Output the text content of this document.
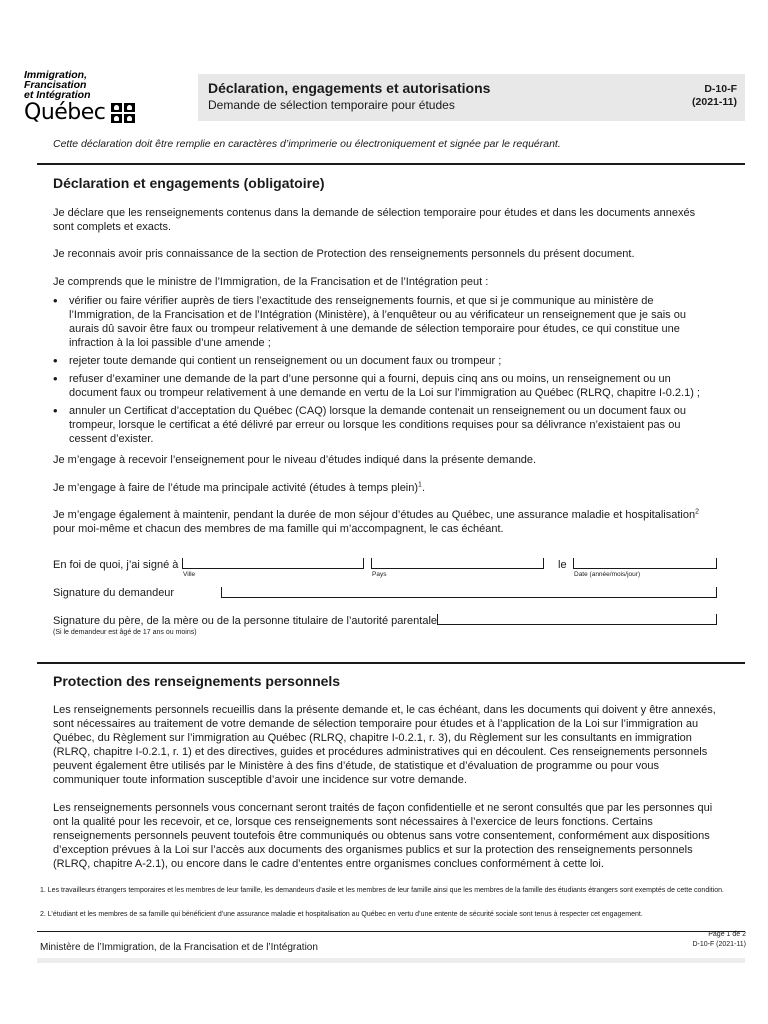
Immigration,
Francisation
et Intégration
Québec
Déclaration, engagements et autorisations
Demande de sélection temporaire pour études
D-10-F
(2021-11)
Cette déclaration doit être remplie en caractères d’imprimerie ou électroniquement et signée par le requérant.
Déclaration et engagements (obligatoire)

Je déclare que les renseignements contenus dans la demande de sélection temporaire pour études et dans les documents annexés sont complets et exacts.

Je reconnais avoir pris connaissance de la section de Protection des renseignements personnels du présent document.

Je comprends que le ministre de l’Immigration, de la Francisation et de l’Intégration peut :

• vérifier ou faire vérifier auprès de tiers l’exactitude des renseignements fournis, et que si je communique au ministère de l’Immigration, de la Francisation et de l’Intégration (Ministère), à l’enquêteur ou au vérificateur un renseignement que je sais ou aurais dû savoir être faux ou trompeur relativement à une demande de sélection temporaire pour études, ce qui constitue une infraction à la loi passible d’une amende ;
• rejeter toute demande qui contient un renseignement ou un document faux ou trompeur ;
• refuser d’examiner une demande de la part d’une personne qui a fourni, depuis cinq ans ou moins, un renseignement ou un document faux ou trompeur relativement à une demande en vertu de la Loi sur l’immigration au Québec (RLRQ, chapitre I-0.2.1) ;
• annuler un Certificat d’acceptation du Québec (CAQ) lorsque la demande contenait un renseignement ou un document faux ou trompeur, lorsque le certificat a été délivré par erreur ou lorsque les conditions requises pour sa délivrance n’existaient pas ou cessent d’exister.

Je m’engage à recevoir l’enseignement pour le niveau d’études indiqué dans la présente demande.

Je m’engage à faire de l’étude ma principale activité (études à temps plein)$^1$.

Je m’engage également à maintenir, pendant la durée de mon séjour d’études au Québec, une assurance maladie et hospitalisation$^2$ pour moi-même et chacun des membres de ma famille qui m’accompagnent, le cas échéant.

En foi de quoi, j’ai signé à
Ville	Pays
le
Date (année/mois/jour)
Signature du demandeur
Signature du père, de la mère ou de la personne titulaire de l’autorité parentale
(Si le demandeur est âgé de 17 ans ou moins)
Protection des renseignements personnels

Les renseignements personnels recueillis dans la présente demande et, le cas échéant, dans les documents qui doivent y être annexés, sont nécessaires au traitement de votre demande de sélection temporaire pour études et à l’application de la Loi sur l’immigration au Québec, du Règlement sur l’immigration au Québec (RLRQ, chapitre I-0.2.1, r. 3), du Règlement sur les consultants en immigration (RLRQ, chapitre I-0.2.1, r. 1) et des directives, guides et procédures administratives qui en découlent. Ces renseignements personnels peuvent également être utilisés par le Ministère à des fins d’étude, de statistique et d’évaluation de programme ou pour vous communiquer toute information susceptible d’avoir une incidence sur votre demande.

Les renseignements personnels vous concernant seront traités de façon confidentielle et ne seront consultés que par les personnes qui ont la qualité pour les recevoir, et ce, lorsque ces renseignements sont nécessaires à l’exercice de leurs fonctions. Certains renseignements personnels peuvent toutefois être communiqués ou obtenus sans votre consentement, conformément aux dispositions d’exception prévues à la Loi sur l’accès aux documents des organismes publics et sur la protection des renseignements personnels (RLRQ, chapitre A-2.1), ou encore dans le cadre d’ententes entre organismes conclues conformément à cette loi.

1. Les travailleurs étrangers temporaires et les membres de leur famille, les demandeurs d’asile et les membres de leur famille ainsi que les membres de la famille des étudiants étrangers sont exemptés de cette condition.
2. L’étudiant et les membres de sa famille qui bénéficient d’une assurance maladie et hospitalisation au Québec en vertu d’une entente de sécurité sociale sont tenus à respecter cet engagement.
Page 1 de 2
D-10-F (2021-11)
Ministère de l’Immigration, de la Francisation et de l’Intégration
